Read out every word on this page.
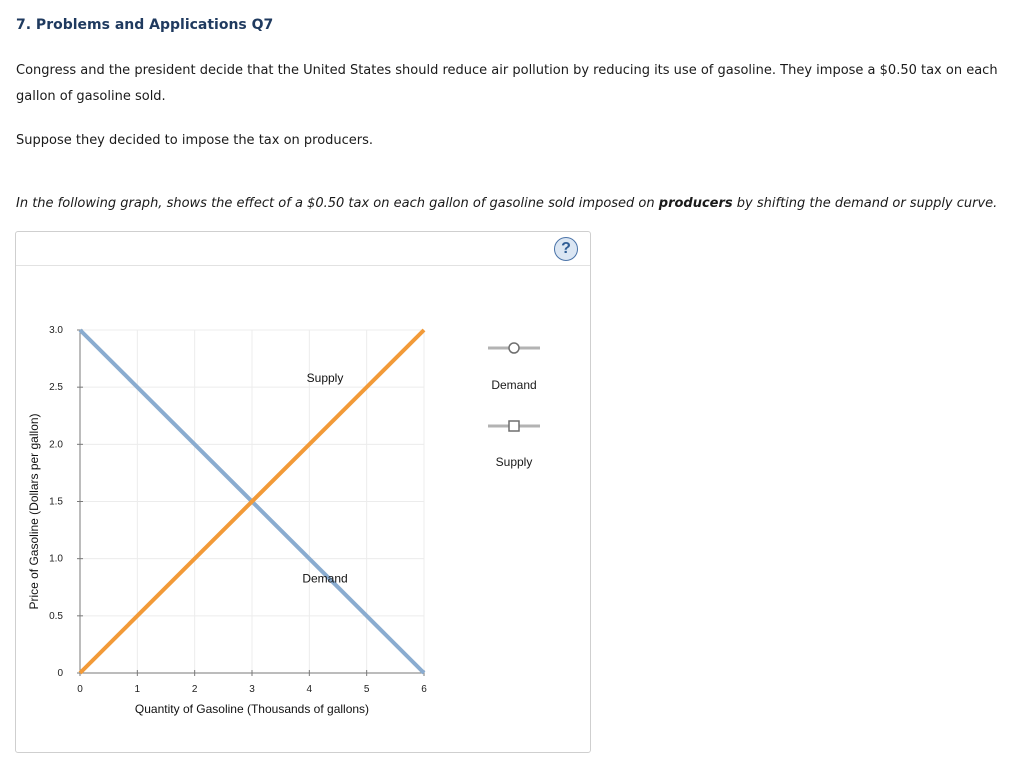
7. Problems and Applications Q7
Congress and the president decide that the United States should reduce air pollution by reducing its use of gasoline. They impose a $0.50 tax on each gallon of gasoline sold.
Suppose they decided to impose the tax on producers.
In the following graph, shows the effect of a $0.50 tax on each gallon of gasoline sold imposed on producers by shifting the demand or supply curve.
?
0	1	2	3	4	5	6
0
0.5
1.0
1.5
2.0
2.5
3.0
Quantity of Gasoline (Thousands of gallons)
Price of Gasoline (Dollars per gallon)	Demand
Supply	Demand
Supply
